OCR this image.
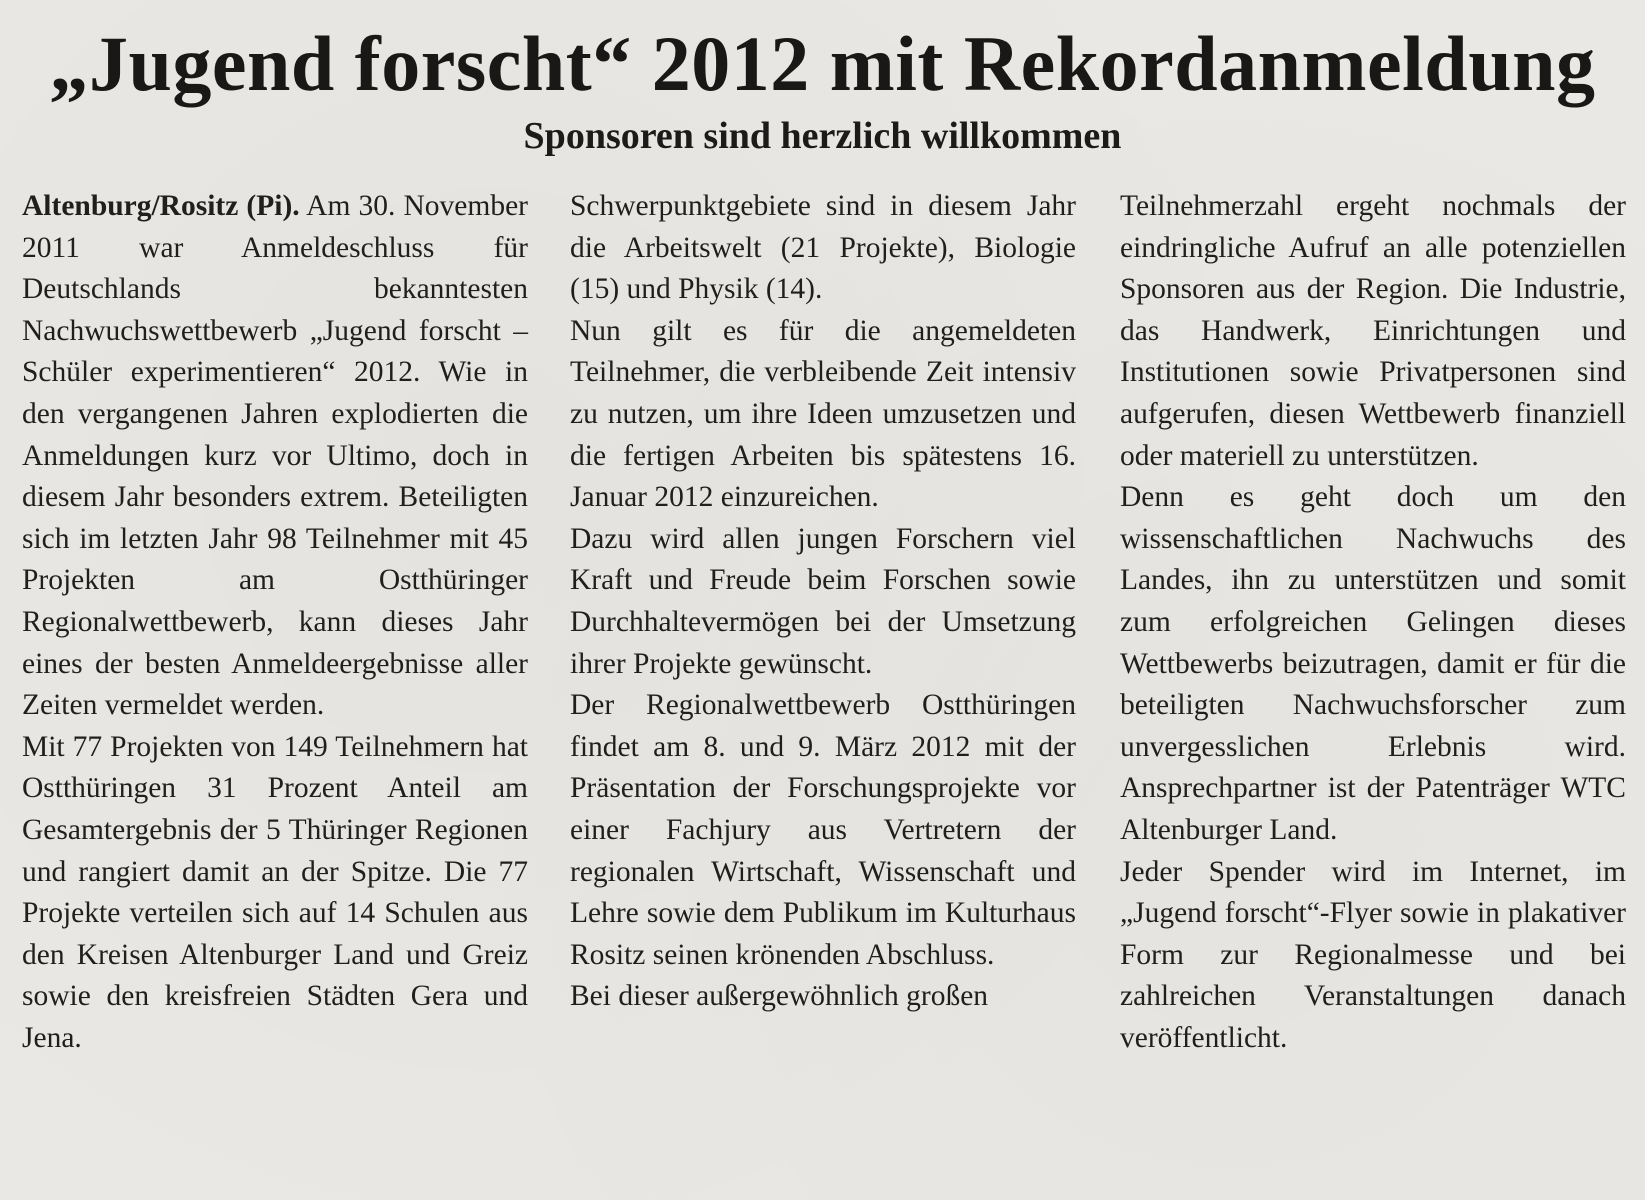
„Jugend forscht“ 2012 mit Rekordanmeldung
Sponsoren sind herzlich willkommen

Altenburg/Rositz (Pi). Am 30. November 2011 war Anmeldeschluss für Deutschlands bekanntesten Nachwuchswettbewerb „Jugend forscht – Schüler experimentieren“ 2012. Wie in den vergangenen Jahren explodierten die Anmeldungen kurz vor Ultimo, doch in diesem Jahr besonders extrem. Beteiligten sich im letzten Jahr 98 Teilnehmer mit 45 Projekten am Ostthüringer Regionalwettbewerb, kann dieses Jahr eines der besten Anmeldeergebnisse aller Zeiten vermeldet werden.

Mit 77 Projekten von 149 Teilnehmern hat Ostthüringen 31 Prozent Anteil am Gesamtergebnis der 5 Thüringer Regionen und rangiert damit an der Spitze. Die 77 Projekte verteilen sich auf 14 Schulen aus den Kreisen Altenburger Land und Greiz sowie den kreisfreien Städten Gera und Jena.

Schwerpunktgebiete sind in diesem Jahr die Arbeitswelt (21 Projekte), Biologie (15) und Physik (14).

Nun gilt es für die angemeldeten Teilnehmer, die verbleibende Zeit intensiv zu nutzen, um ihre Ideen umzusetzen und die fertigen Arbeiten bis spätestens 16. Januar 2012 einzureichen.

Dazu wird allen jungen Forschern viel Kraft und Freude beim Forschen sowie Durchhaltevermögen bei der Umsetzung ihrer Projekte gewünscht.

Der Regionalwettbewerb Ostthüringen findet am 8. und 9. März 2012 mit der Präsentation der Forschungsprojekte vor einer Fachjury aus Vertretern der regionalen Wirtschaft, Wissenschaft und Lehre sowie dem Publikum im Kulturhaus Rositz seinen krönenden Abschluss.

Bei dieser außergewöhnlich großen

Teilnehmerzahl ergeht nochmals der eindringliche Aufruf an alle potenziellen Sponsoren aus der Region. Die Industrie, das Handwerk, Einrichtungen und Institutionen sowie Privatpersonen sind aufgerufen, diesen Wettbewerb finanziell oder materiell zu unterstützen.

Denn es geht doch um den wissenschaftlichen Nachwuchs des Landes, ihn zu unterstützen und somit zum erfolgreichen Gelingen dieses Wettbewerbs beizutragen, damit er für die beteiligten Nachwuchsforscher zum unvergesslichen Erlebnis wird. Ansprechpartner ist der Patenträger WTC Altenburger Land.

Jeder Spender wird im Internet, im „Jugend forscht“-Flyer sowie in plakativer Form zur Regionalmesse und bei zahlreichen Veranstaltungen danach veröffentlicht.
